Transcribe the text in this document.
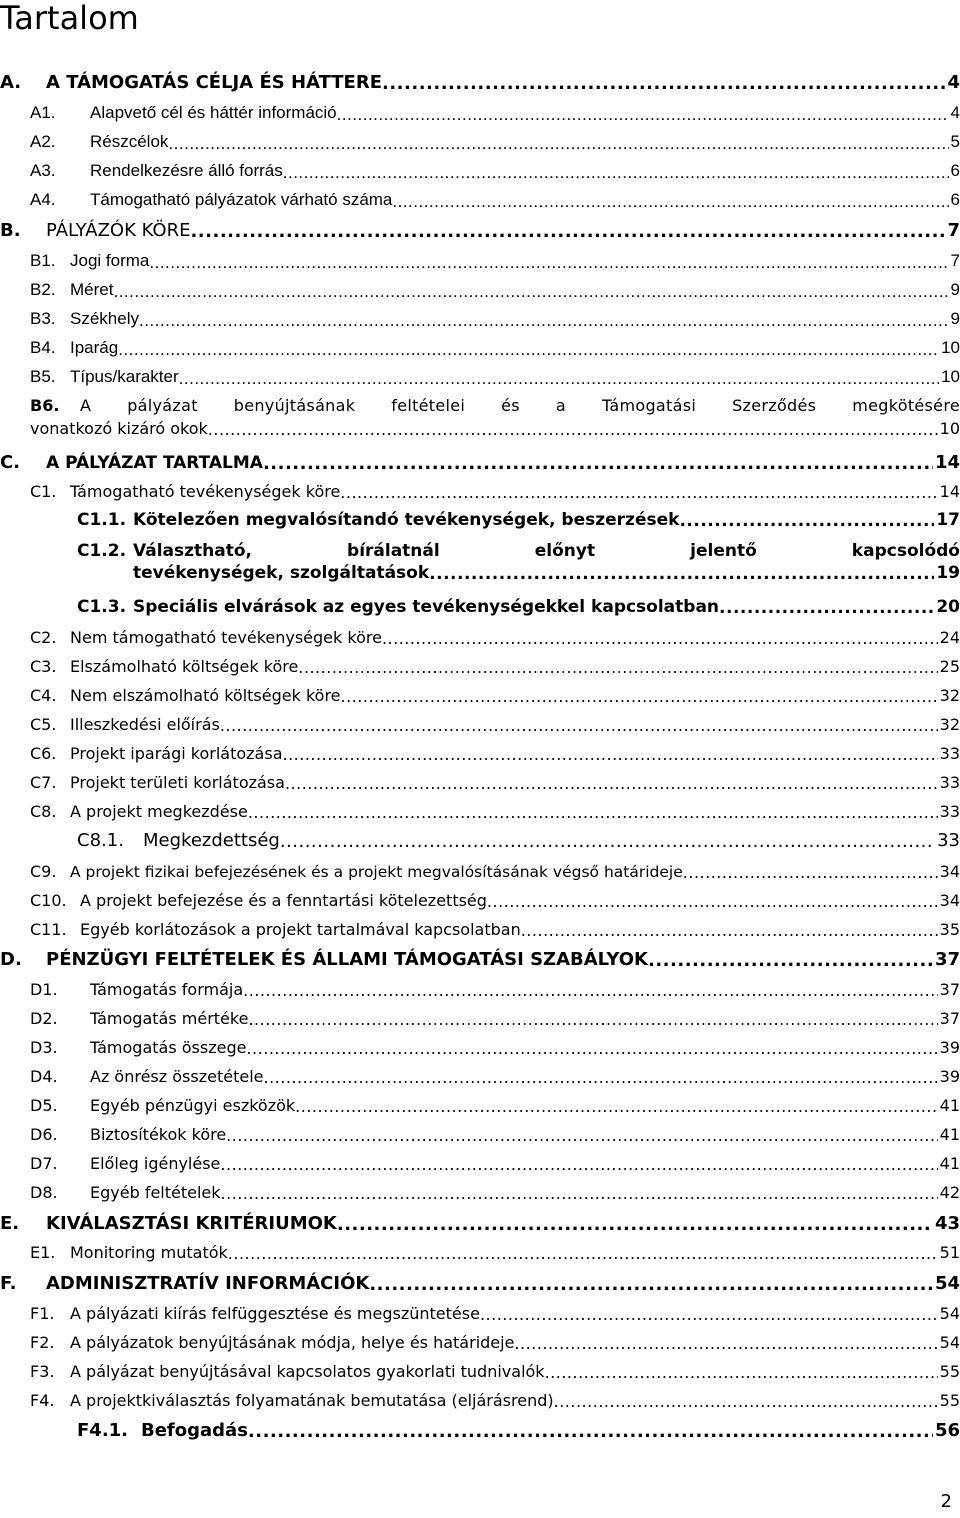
Tartalom
A.	A TÁMOGATÁS CÉLJA ÉS HÁTTERE .....	4
A1.	Alapvető cél és háttér információ .....	4
A2.	Részcélok .....	5
A3.	Rendelkezésre álló forrás .....	6
A4.	Támogatható pályázatok várható száma .....	6
B.	PÁLYÁZÓK KÖRE .....	7
B1. Jogi forma .....	7
B2. Méret .....	9
B3. Székhely .....	9
B4. Iparág .....	10
B5. Típus/karakter .....	10
B6.	A pályázat benyújtásának feltételei és a Támogatási Szerződés megkötésére
vonatkozó kizáró okok .....	10
C.	A PÁLYÁZAT TARTALMA .....	14
C1. Támogatható tevékenységek köre .....	14
C1.1. Kötelezően megvalósítandó tevékenységek, beszerzések .....	17
C1.2. Választható, bírálatnál előnyt jelentő kapcsolódó
tevékenységek, szolgáltatások .....	19
C1.3. Speciális elvárások az egyes tevékenységekkel kapcsolatban .....	20
C2. Nem támogatható tevékenységek köre .....	24
C3. Elszámolható költségek köre .....	25
C4. Nem elszámolható költségek köre .....	32
C5. Illeszkedési előírás .....	32
C6. Projekt iparági korlátozása .....	33
C7. Projekt területi korlátozása .....	33
C8. A projekt megkezdése .....	33
C8.1.	Megkezdettség .....	33
C9. A projekt fizikai befejezésének és a projekt megvalósításának végső határideje .....	34
C10. A projekt befejezése és a fenntartási kötelezettség .....	34
C11. Egyéb korlátozások a projekt tartalmával kapcsolatban .....	35
D.	PÉNZÜGYI FELTÉTELEK ÉS ÁLLAMI TÁMOGATÁSI SZABÁLYOK .....	37
D1.	Támogatás formája .....	37
D2.	Támogatás mértéke .....	37
D3.	Támogatás összege .....	39
D4.	Az önrész összetétele .....	39
D5.	Egyéb pénzügyi eszközök .....	41
D6.	Biztosítékok köre .....	41
D7.	Előleg igénylése .....	41
D8.	Egyéb feltételek .....	42
E.	KIVÁLASZTÁSI KRITÉRIUMOK .....	43
E1. Monitoring mutatók .....	51
F.	ADMINISZTRATÍV INFORMÁCIÓK .....	54
F1. A pályázati kiírás felfüggesztése és megszüntetése .....	54
F2. A pályázatok benyújtásának módja, helye és határideje .....	54
F3. A pályázat benyújtásával kapcsolatos gyakorlati tudnivalók .....	55
F4. A projektkiválasztás folyamatának bemutatása (eljárásrend) .....	55
F4.1. Befogadás .....	56
2
